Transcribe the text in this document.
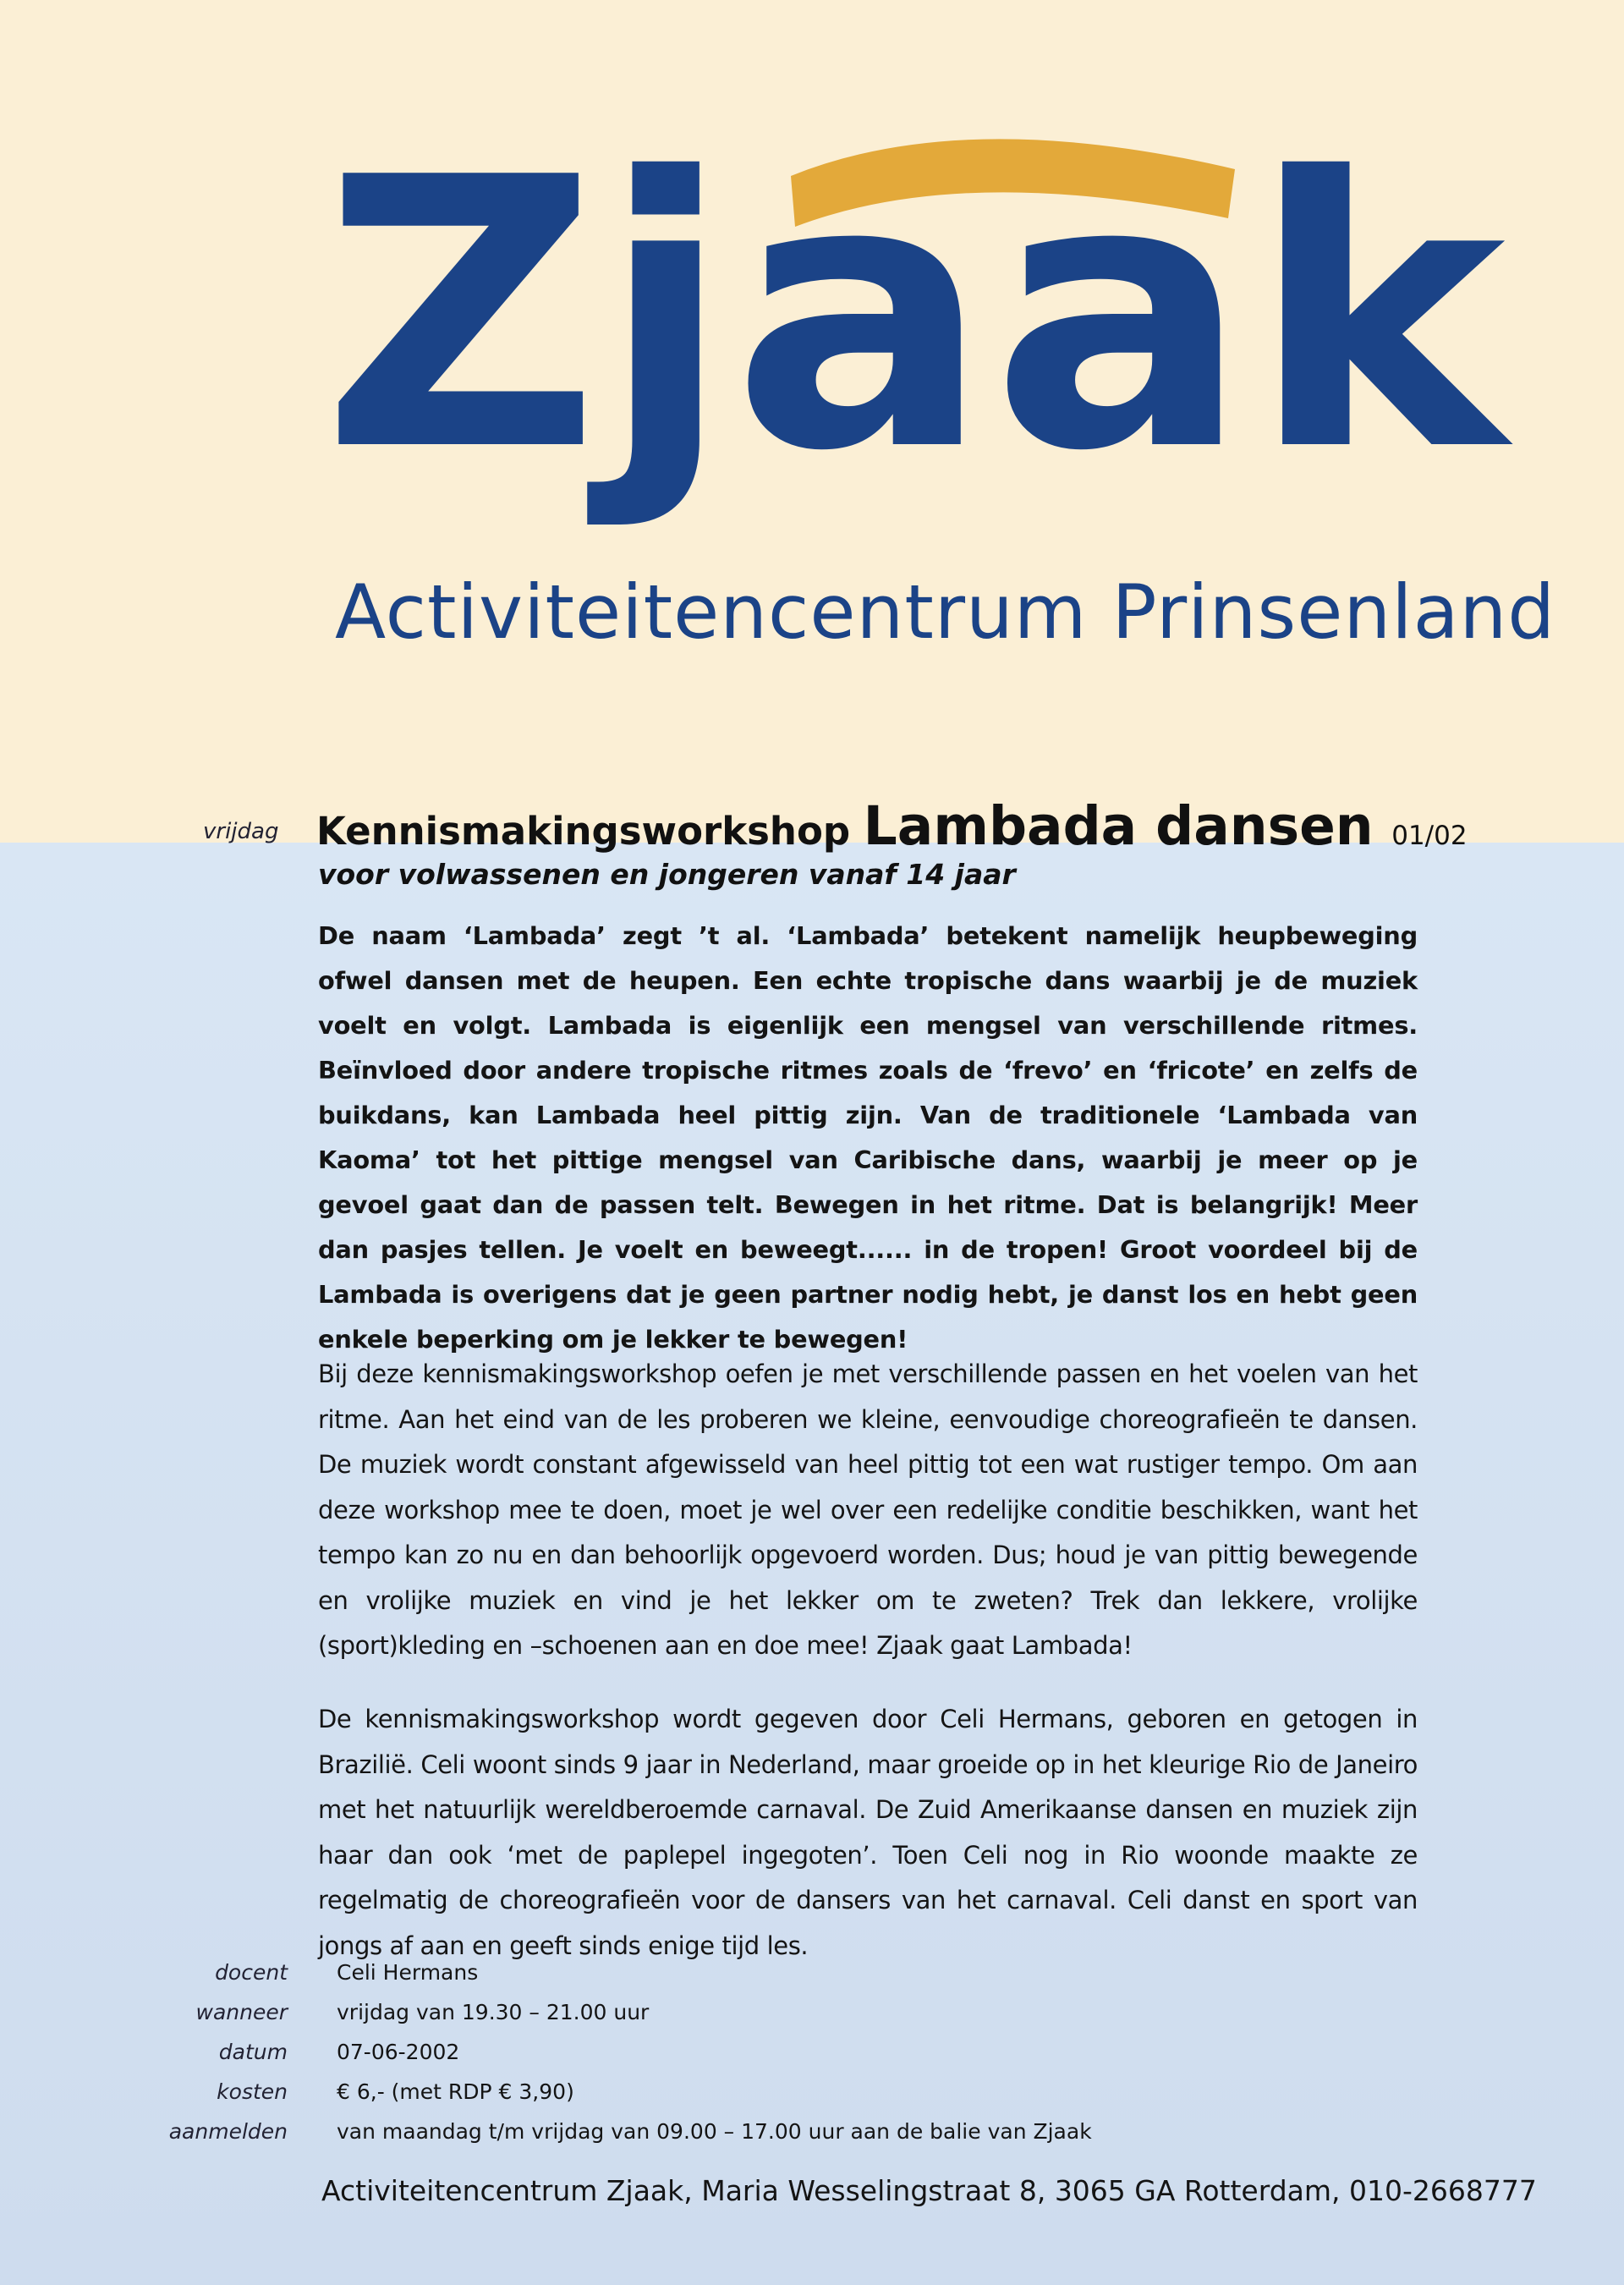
Zjaak
Activiteitencentrum Prinsenland
vrijdag Kennismakingsworkshop Lambada dansen 01/02
voor volwassenen en jongeren vanaf 14 jaar

De naam ‘Lambada’ zegt ’t al. ‘Lambada’ betekent namelijk heupbeweging ofwel dansen met de heupen. Een echte tropische dans waarbij je de muziek voelt en volgt. Lambada is eigenlijk een mengsel van verschillende ritmes. Beïnvloed door andere tropische ritmes zoals de ‘frevo’ en ‘fricote’ en zelfs de buikdans, kan Lambada heel pittig zijn. Van de traditionele ‘Lambada van Kaoma’ tot het pittige mengsel van Caribische dans, waarbij je meer op je gevoel gaat dan de passen telt. Bewegen in het ritme. Dat is belangrijk! Meer dan pasjes tellen. Je voelt en beweegt...... in de tropen! Groot voordeel bij de Lambada is overigens dat je geen partner nodig hebt, je danst los en hebt geen enkele beperking om je lekker te bewegen!

Bij deze kennismakingsworkshop oefen je met verschillende passen en het voelen van het ritme. Aan het eind van de les proberen we kleine, eenvoudige choreografieën te dansen. De muziek wordt constant afgewisseld van heel pittig tot een wat rustiger tempo. Om aan deze workshop mee te doen, moet je wel over een redelijke conditie beschikken, want het tempo kan zo nu en dan behoorlijk opgevoerd worden. Dus; houd je van pittig bewegende en vrolijke muziek en vind je het lekker om te zweten? Trek dan lekkere, vrolijke (sport)kleding en –schoenen aan en doe mee! Zjaak gaat Lambada!

De kennismakingsworkshop wordt gegeven door Celi Hermans, geboren en getogen in Brazilië. Celi woont sinds 9 jaar in Nederland, maar groeide op in het kleurige Rio de Janeiro met het natuurlijk wereldberoemde carnaval. De Zuid Amerikaanse dansen en muziek zijn haar dan ook ‘met de paplepel ingegoten’. Toen Celi nog in Rio woonde maakte ze regelmatig de choreografieën voor de dansers van het carnaval. Celi danst en sport van jongs af aan en geeft sinds enige tijd les.

docent	Celi Hermans
wanneer	vrijdag van 19.30 – 21.00 uur
datum	07-06-2002
kosten	€ 6,- (met RDP € 3,90)
aanmelden	van maandag t/m vrijdag van 09.00 – 17.00 uur aan de balie van Zjaak
Activiteitencentrum Zjaak, Maria Wesselingstraat 8, 3065 GA Rotterdam, 010-2668777
